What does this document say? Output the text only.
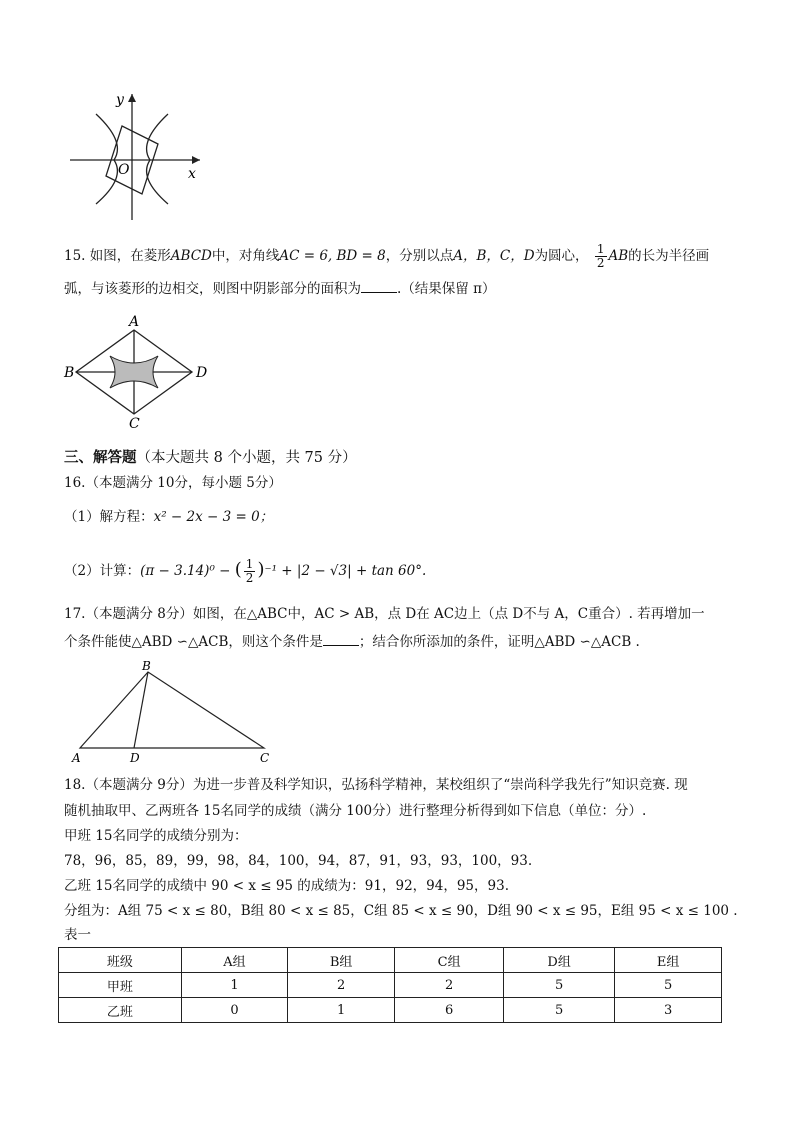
y
x
O
15. 如图，在菱形ABCD中，对角线AC = 6, BD = 8，分别以点A，B，C，D为圆心， $\frac{1}{2}$ AB的长为半径画
弧，与该菱形的边相交，则图中阴影部分的面积为	.（结果保留 π）
A
B	D
C
三、解答题（本大题共 8 个小题，共 75 分）
16.（本题满分 10分，每小题 5分）
（1）解方程：x² − 2x − 3 = 0；
（2）计算：(π − 3.14)⁰ − ( $\frac{1}{2} )^{-1} + |2 - √3| + \tan 60^\circ$.
17.（本题满分 8分）如图，在△ABC中，AC > AB，点 D在 AC边上（点 D不与 A，C重合）. 若再增加一
个条件能使△ABD ∽△ACB，则这个条件是	；结合你所添加的条件，证明△ABD ∽△ACB .
B
A	D	C
18.（本题满分 9分）为进一步普及科学知识，弘扬科学精神，某校组织了“崇尚科学我先行”知识竞赛. 现
随机抽取甲、乙两班各 15名同学的成绩（满分 100分）进行整理分析得到如下信息（单位：分）.
甲班 15名同学的成绩分别为：
78，96，85，89，99，98，84，100，94，87，91，93，93，100，93.
乙班 15名同学的成绩中 90 < x ≤ 95 的成绩为：91，92，94，95，93.
分组为：A组 75 < x ≤ 80，B组 80 < x ≤ 85，C组 85 < x ≤ 90，D组 90 < x ≤ 95，E组 95 < x ≤ 100 .
表一
班级	A组	B组	C组	D组	E组
甲班	1	2	2	5	5
乙班	0	1	6	5	3
